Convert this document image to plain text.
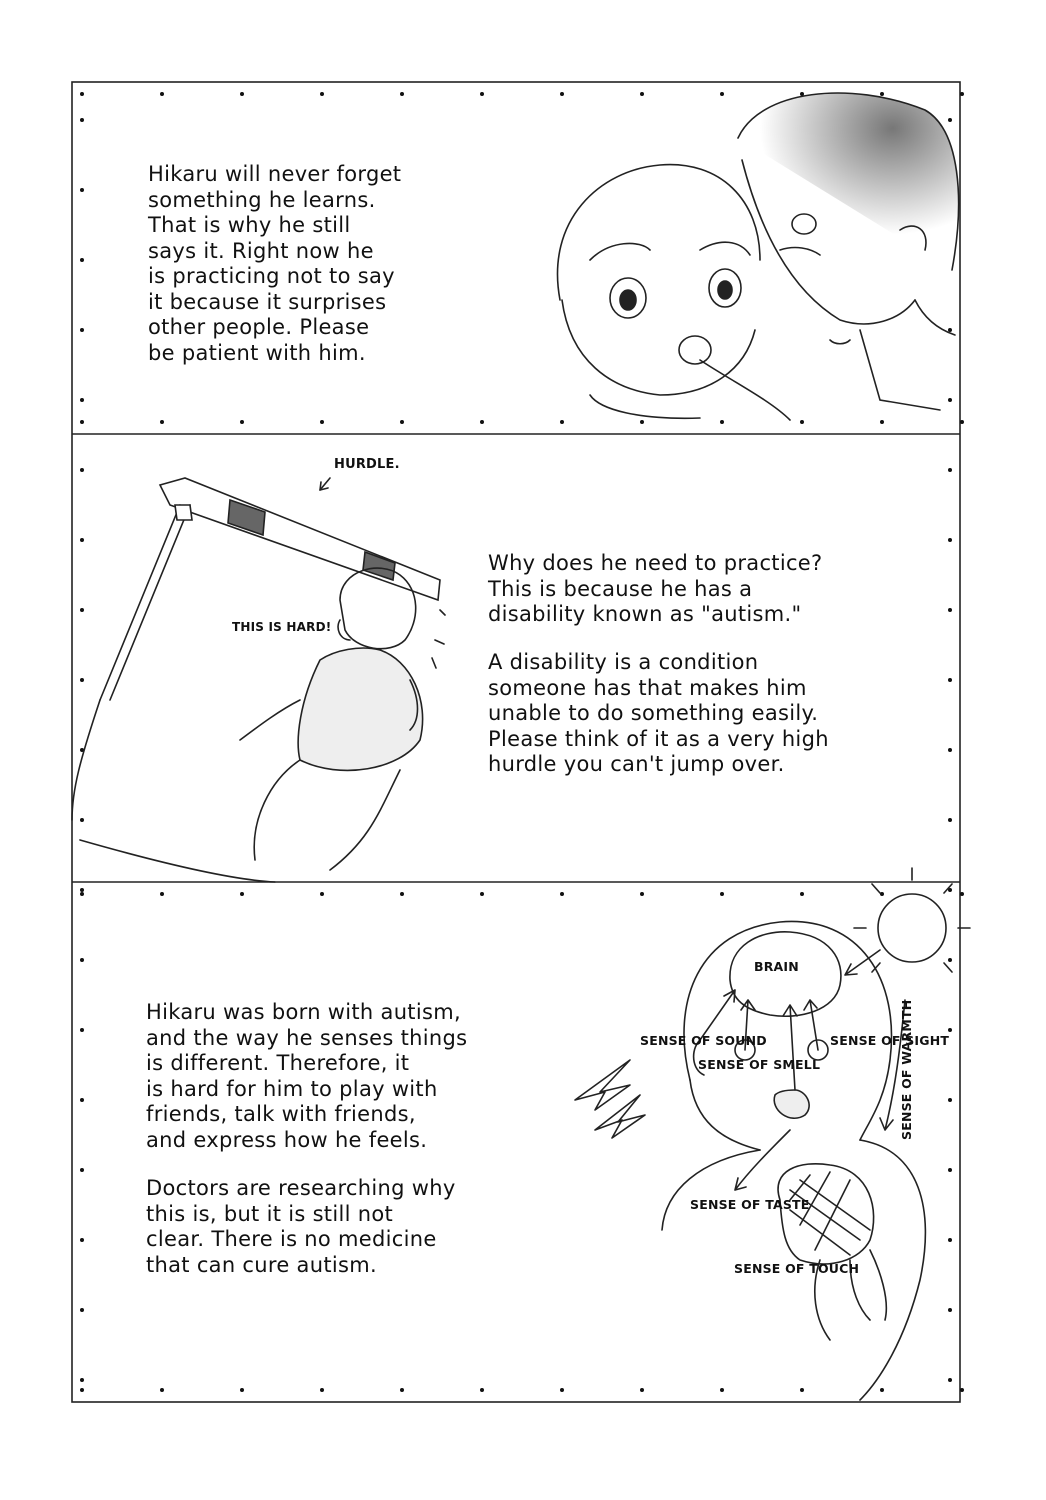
Hikaru will never forget
something he learns.
That is why he still
says it. Right now he
is practicing not to say
it because it surprises
other people. Please
be patient with him.
Why does he need to practice?
This is because he has a
disability known as "autism."
A disability is a condition
someone has that makes him
unable to do something easily.
Please think of it as a very high
hurdle you can't jump over.
HURDLE.
THIS IS HARD!
Hikaru was born with autism,
and the way he senses things
is different. Therefore, it
is hard for him to play with
friends, talk with friends,
and express how he feels.
Doctors are researching why
this is, but it is still not
clear. There is no medicine
that can cure autism.
BRAIN
SENSE OF SOUND
SENSE OF SMELL
SENSE OF SIGHT
SENSE OF WARMTH
SENSE OF TASTE
SENSE OF TOUCH
